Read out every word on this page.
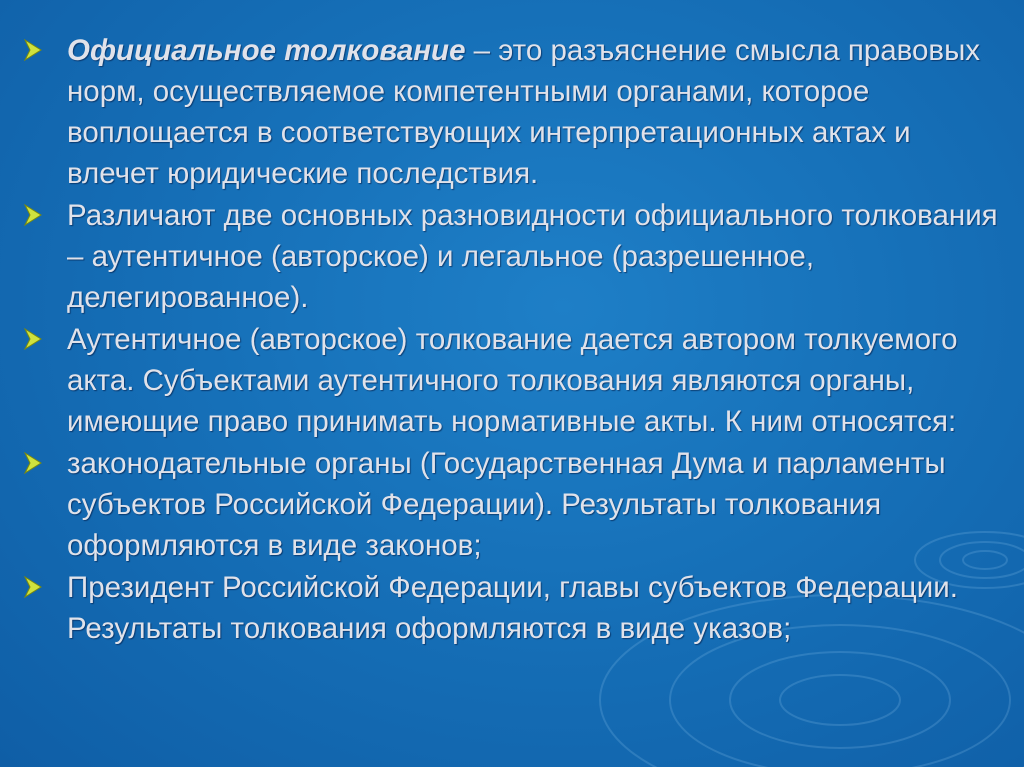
Официальное толкование – это разъяснение смысла правовых норм, осуществляемое компетентными органами, которое воплощается в соответствующих интерпретационных актах и влечет юридические последствия.
Различают две основных разновидности официального толкования – аутентичное (авторское) и легальное (разрешенное, делегированное).
Аутентичное (авторское) толкование дается автором толкуемого акта. Субъектами аутентичного толкования являются органы, имеющие право принимать нормативные акты. К ним относятся:
законодательные органы (Государственная Дума и парламенты субъектов Российской Федерации). Результаты толкования оформляются в виде законов;
Президент Российской Федерации, главы субъектов Федерации. Результаты толкования оформляются в виде указов;
